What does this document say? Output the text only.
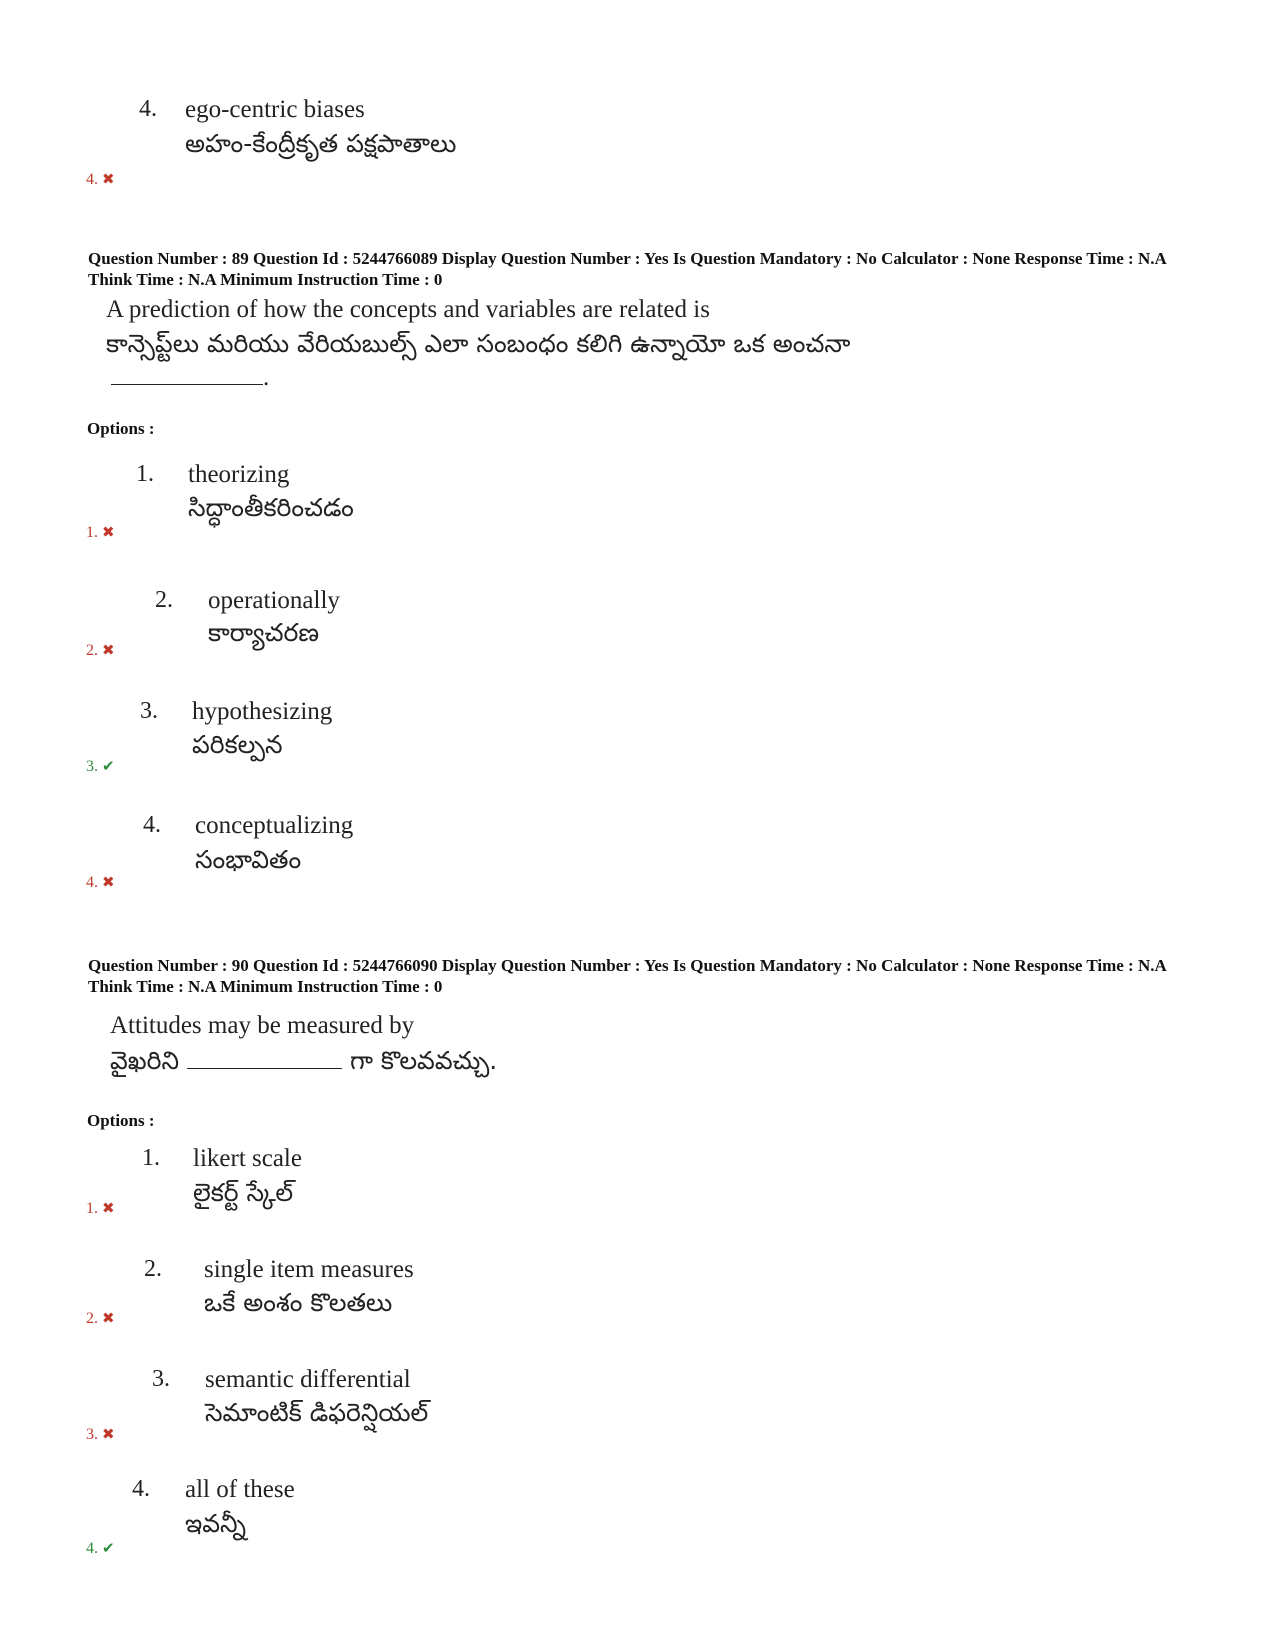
4. ego-centric biases
అహం-కేంద్రీకృత పక్షపాతాలు
4. ✖
Question Number : 89 Question Id : 5244766089 Display Question Number : Yes Is Question Mandatory : No Calculator : None Response Time : N.A Think Time : N.A Minimum Instruction Time : 0
A prediction of how the concepts and variables are related is
కాన్సెప్ట్‌లు మరియు వేరియబుల్స్ ఎలా సంబంధం కలిగి ఉన్నాయో ఒక అంచనా
.
Options :
1. theorizing
సిద్ధాంతీకరించడం
1. ✖
2. operationally
కార్యాచరణ
2. ✖
3. hypothesizing
పరికల్పన
3. ✔
4. conceptualizing
సంభావితం
4. ✖
Question Number : 90 Question Id : 5244766090 Display Question Number : Yes Is Question Mandatory : No Calculator : None Response Time : N.A Think Time : N.A Minimum Instruction Time : 0
Attitudes may be measured by
వైఖరిని	గా కొలవవచ్చు.
Options :
1. likert scale
లైకర్ట్ స్కేల్
1. ✖
2. single item measures
ఒకే అంశం కొలతలు
2. ✖
3. semantic differential
సెమాంటిక్ డిఫరెన్షియల్
3. ✖
4. all of these
ఇవన్నీ
4. ✔
